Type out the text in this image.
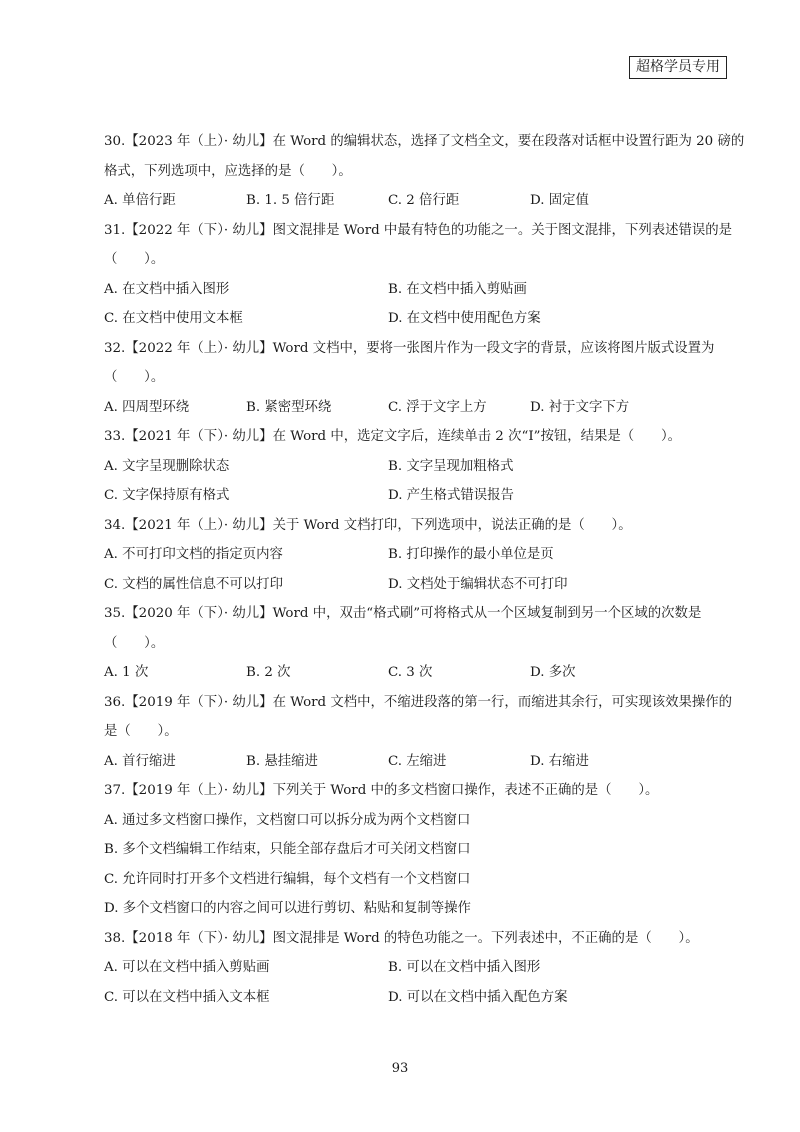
超格学员专用
30.【2023 年（上）· 幼儿】在 Word 的编辑状态，选择了文档全文，要在段落对话框中设置行距为 20 磅的
格式，下列选项中，应选择的是（　　）。
A. 单倍行距	B. 1. 5 倍行距	C. 2 倍行距	D. 固定值
31.【2022 年（下）· 幼儿】图文混排是 Word 中最有特色的功能之一。关于图文混排，下列表述错误的是
（　　）。
A. 在文档中插入图形	B. 在文档中插入剪贴画
C. 在文档中使用文本框	D. 在文档中使用配色方案
32.【2022 年（上）· 幼儿】Word 文档中，要将一张图片作为一段文字的背景，应该将图片版式设置为
（　　）。
A. 四周型环绕	B. 紧密型环绕	C. 浮于文字上方	D. 衬于文字下方
33.【2021 年（下）· 幼儿】在 Word 中，选定文字后，连续单击 2 次“I”按钮，结果是（　　）。
A. 文字呈现删除状态	B. 文字呈现加粗格式
C. 文字保持原有格式	D. 产生格式错误报告
34.【2021 年（上）· 幼儿】关于 Word 文档打印，下列选项中，说法正确的是（　　）。
A. 不可打印文档的指定页内容	B. 打印操作的最小单位是页
C. 文档的属性信息不可以打印	D. 文档处于编辑状态不可打印
35.【2020 年（下）· 幼儿】Word 中，双击“格式刷”可将格式从一个区域复制到另一个区域的次数是
（　　）。
A. 1 次	B. 2 次	C. 3 次	D. 多次
36.【2019 年（下）· 幼儿】在 Word 文档中，不缩进段落的第一行，而缩进其余行，可实现该效果操作的
是（　　）。
A. 首行缩进	B. 悬挂缩进	C. 左缩进	D. 右缩进
37.【2019 年（上）· 幼儿】下列关于 Word 中的多文档窗口操作，表述不正确的是（　　）。
A. 通过多文档窗口操作，文档窗口可以拆分成为两个文档窗口
B. 多个文档编辑工作结束，只能全部存盘后才可关闭文档窗口
C. 允许同时打开多个文档进行编辑，每个文档有一个文档窗口
D. 多个文档窗口的内容之间可以进行剪切、粘贴和复制等操作
38.【2018 年（下）· 幼儿】图文混排是 Word 的特色功能之一。下列表述中，不正确的是（　　）。
A. 可以在文档中插入剪贴画	B. 可以在文档中插入图形
C. 可以在文档中插入文本框	D. 可以在文档中插入配色方案
93
